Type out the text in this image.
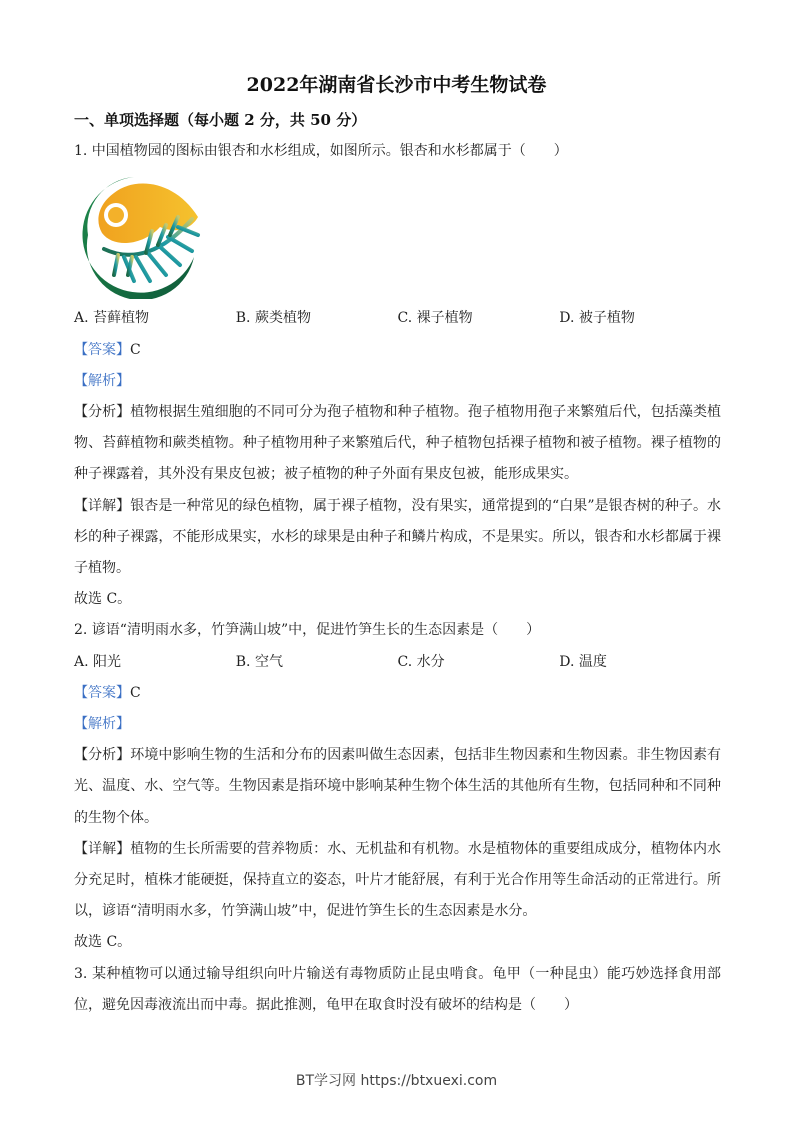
2022年湖南省长沙市中考生物试卷
一、单项选择题（每小题 2 分，共 50 分）

1. 中国植物园的图标由银杏和水杉组成，如图所示。银杏和水杉都属于（　　）

A. 苔藓植物	B. 蕨类植物	C. 裸子植物	D. 被子植物

【答案】C

【解析】

【分析】植物根据生殖细胞的不同可分为孢子植物和种子植物。孢子植物用孢子来繁殖后代，包括藻类植物、苔藓植物和蕨类植物。种子植物用种子来繁殖后代，种子植物包括裸子植物和被子植物。裸子植物的种子裸露着，其外没有果皮包被；被子植物的种子外面有果皮包被，能形成果实。

【详解】银杏是一种常见的绿色植物，属于裸子植物，没有果实，通常提到的“白果”是银杏树的种子。水杉的种子裸露，不能形成果实，水杉的球果是由种子和鳞片构成，不是果实。所以，银杏和水杉都属于裸子植物。

故选 C。

2. 谚语“清明雨水多，竹笋满山坡”中，促进竹笋生长的生态因素是（　　）

A. 阳光	B. 空气	C. 水分	D. 温度

【答案】C

【解析】

【分析】环境中影响生物的生活和分布的因素叫做生态因素，包括非生物因素和生物因素。非生物因素有光、温度、水、空气等。生物因素是指环境中影响某种生物个体生活的其他所有生物，包括同种和不同种的生物个体。

【详解】植物的生长所需要的营养物质：水、无机盐和有机物。水是植物体的重要组成成分，植物体内水分充足时，植株才能硬挺，保持直立的姿态，叶片才能舒展，有利于光合作用等生命活动的正常进行。所以，谚语“清明雨水多，竹笋满山坡”中，促进竹笋生长的生态因素是水分。

故选 C。

3. 某种植物可以通过输导组织向叶片输送有毒物质防止昆虫啃食。龟甲（一种昆虫）能巧妙选择食用部位，避免因毒液流出而中毒。据此推测，龟甲在取食时没有破坏的结构是（　　）

BT学习网 https://btxuexi.com
